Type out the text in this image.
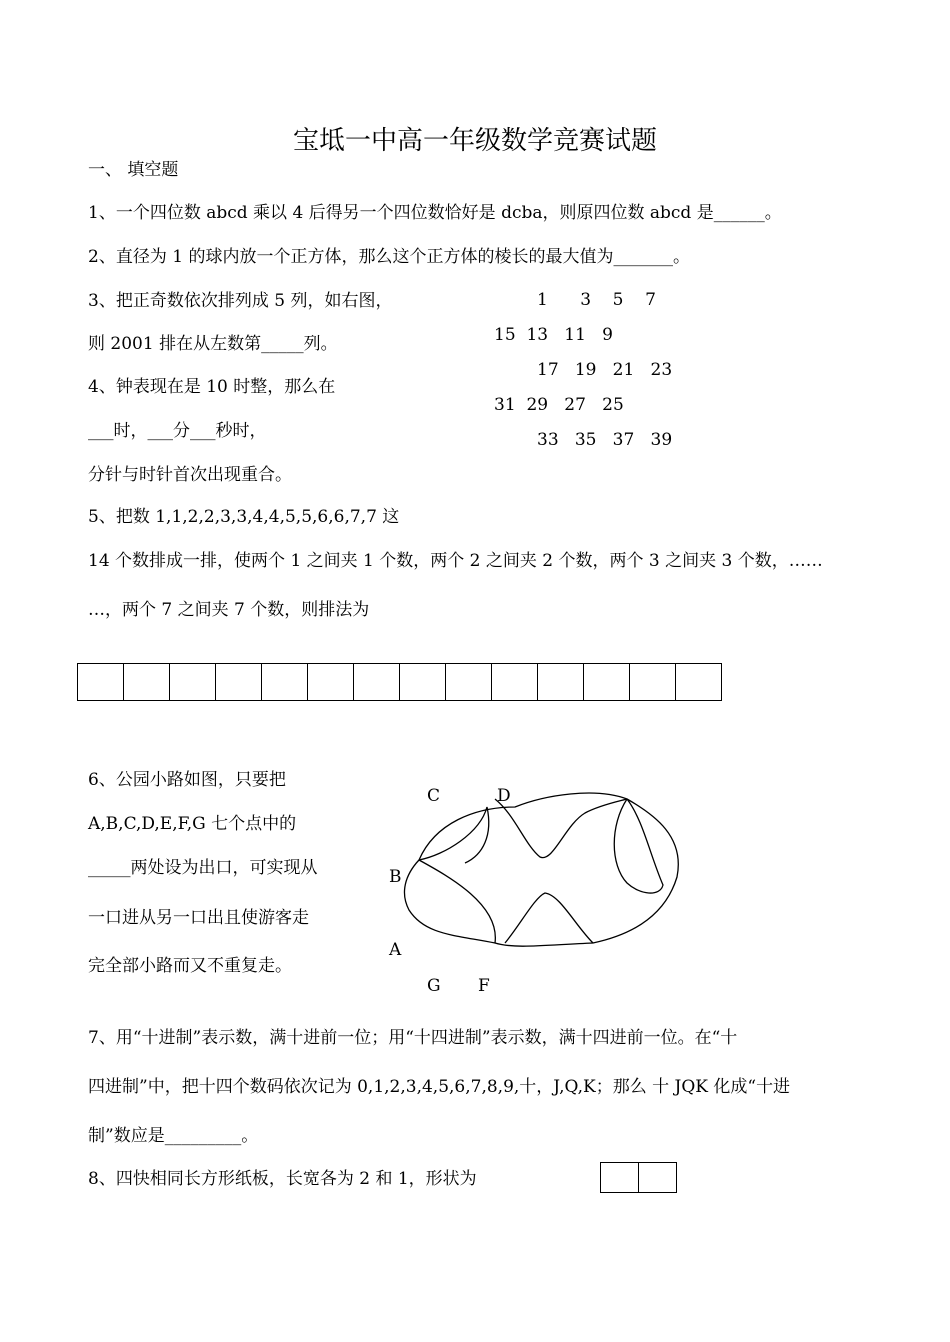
宝坻一中高一年级数学竞赛试题
一、 填空题
1、一个四位数 abcd 乘以 4 后得另一个四位数恰好是 dcba，则原四位数 abcd 是______。
2、直径为 1 的球内放一个正方体，那么这个正方体的棱长的最大值为_______。
3、把正奇数依次排列成 5 列，如右图，
则 2001 排在从左数第_____列。
4、钟表现在是 10 时整，那么在
___时，___分___秒时，
分针与时针首次出现重合。
1      3    5    7
15  13   11   9
17   19   21   23
31  29   27   25
33   35   37   39
5、把数 1,1,2,2,3,3,4,4,5,5,6,6,7,7 这
14 个数排成一排，使两个 1 之间夹 1 个数，两个 2 之间夹 2 个数，两个 3 之间夹 3 个数，……
…，两个 7 之间夹 7 个数，则排法为
6、公园小路如图，只要把
A,B,C,D,E,F,G 七个点中的
_____两处设为出口，可实现从
一口进从另一口出且使游客走
完全部小路而又不重复走。
C	D
B
A
G F
7、用“十进制”表示数，满十进前一位；用“十四进制”表示数，满十四进前一位。在“十
四进制”中，把十四个数码依次记为 0,1,2,3,4,5,6,7,8,9,十，J,Q,K；那么 十 JQK 化成“十进
制”数应是_________。
8、四快相同长方形纸板，长宽各为 2 和 1，形状为
